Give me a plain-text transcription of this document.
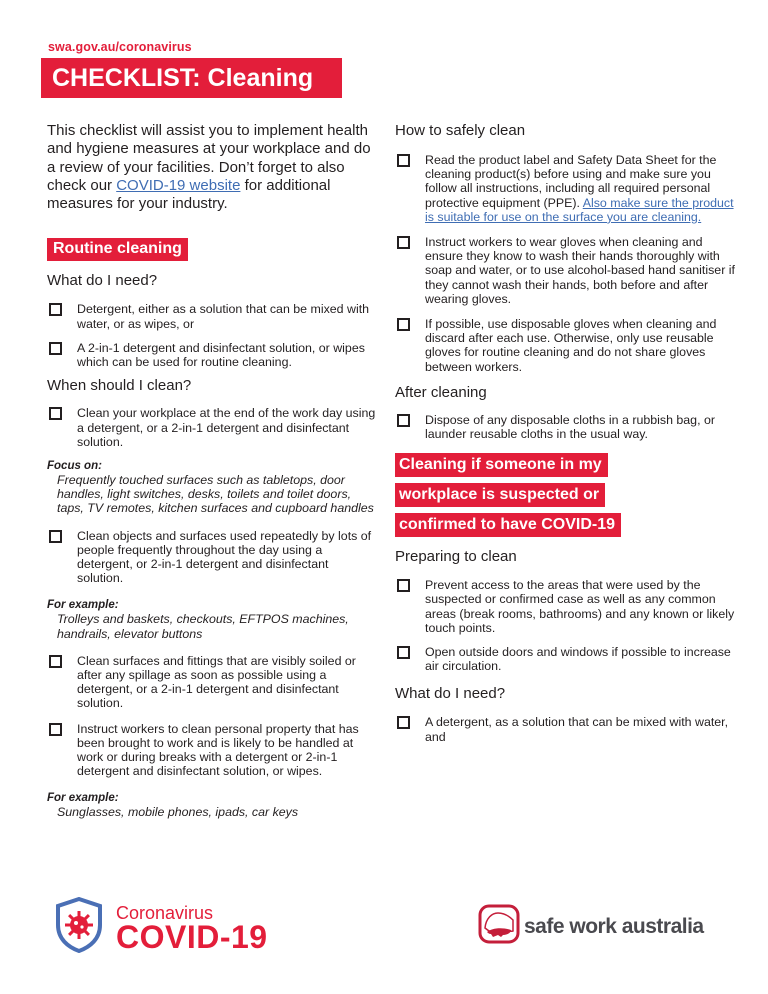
swa.gov.au/coronavirus
CHECKLIST: Cleaning

This checklist will assist you to implement health and hygiene measures at your workplace and do a review of your facilities. Don’t forget to also check our COVID-19 website for additional measures for your industry.

Routine cleaning
What do I need?
Detergent, either as a solution that can be mixed with water, or as wipes, or
A 2-in-1 detergent and disinfectant solution, or wipes which can be used for routine cleaning.
When should I clean?
Clean your workplace at the end of the work day using a detergent, or a 2-in-1 detergent and disinfectant solution.
Focus on:
Frequently touched surfaces such as tabletops, door handles, light switches, desks, toilets and toilet doors, taps, TV remotes, kitchen surfaces and cupboard handles
Clean objects and surfaces used repeatedly by lots of people frequently throughout the day using a detergent, or 2-in-1 detergent and disinfectant solution.
For example:
Trolleys and baskets, checkouts, EFTPOS machines, handrails, elevator buttons
Clean surfaces and fittings that are visibly soiled or after any spillage as soon as possible using a detergent, or a 2-in-1 detergent and disinfectant solution.
Instruct workers to clean personal property that has been brought to work and is likely to be handled at work or during breaks with a detergent or 2-in-1 detergent and disinfectant solution, or wipes.
For example:
Sunglasses, mobile phones, ipads, car keys
How to safely clean
Read the product label and Safety Data Sheet for the cleaning product(s) before using and make sure you follow all instructions, including all required personal protective equipment (PPE). Also make sure the product is suitable for use on the surface you are cleaning.
Instruct workers to wear gloves when cleaning and ensure they know to wash their hands thoroughly with soap and water, or to use alcohol-based hand sanitiser if they cannot wash their hands, both before and after wearing gloves.
If possible, use disposable gloves when cleaning and discard after each use. Otherwise, only use reusable gloves for routine cleaning and do not share gloves between workers.
After cleaning
Dispose of any disposable cloths in a rubbish bag, or launder reusable cloths in the usual way.
Cleaning if someone in my
workplace is suspected or
confirmed to have COVID-19
Preparing to clean
Prevent access to the areas that were used by the suspected or confirmed case as well as any common areas (break rooms, bathrooms) and any known or likely touch points.
Open outside doors and windows if possible to increase air circulation.
What do I need?
A detergent, as a solution that can be mixed with water, and
Coronavirus
COVID-19	safe work australia
